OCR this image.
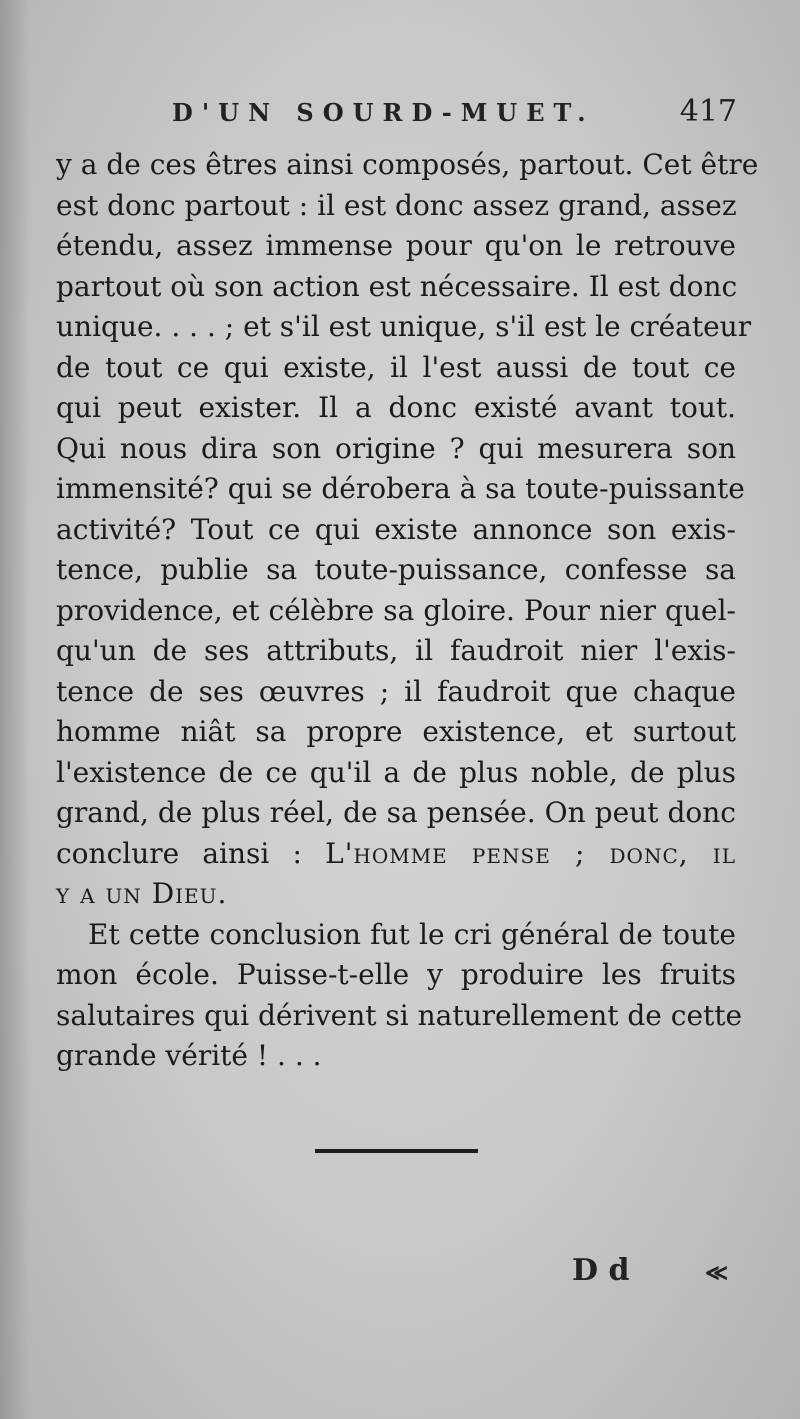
D'UN SOURD-MUET.	417
y a de ces êtres ainsi composés, partout. Cet être
est donc partout : il est donc assez grand, assez
étendu, assez immense pour qu'on le retrouve
partout où son action est nécessaire. Il est donc
unique. . . . ; et s'il est unique, s'il est le créateur
de tout ce qui existe, il l'est aussi de tout ce
qui peut exister. Il a donc existé avant tout.
Qui nous dira son origine ? qui mesurera son
immensité? qui se dérobera à sa toute-puissante
activité? Tout ce qui existe annonce son exis-
tence, publie sa toute-puissance, confesse sa
providence, et célèbre sa gloire. Pour nier quel-
qu'un de ses attributs, il faudroit nier l'exis-
tence de ses œuvres ; il faudroit que chaque
homme niât sa propre existence, et surtout
l'existence de ce qu'il a de plus noble, de plus
grand, de plus réel, de sa pensée. On peut donc
conclure ainsi : L'homme pense ; donc, il
y a un Dieu.
Et cette conclusion fut le cri général de toute
mon école. Puisse-t-elle y produire les fruits
salutaires qui dérivent si naturellement de cette
grande vérité ! . . .
D d	≪
